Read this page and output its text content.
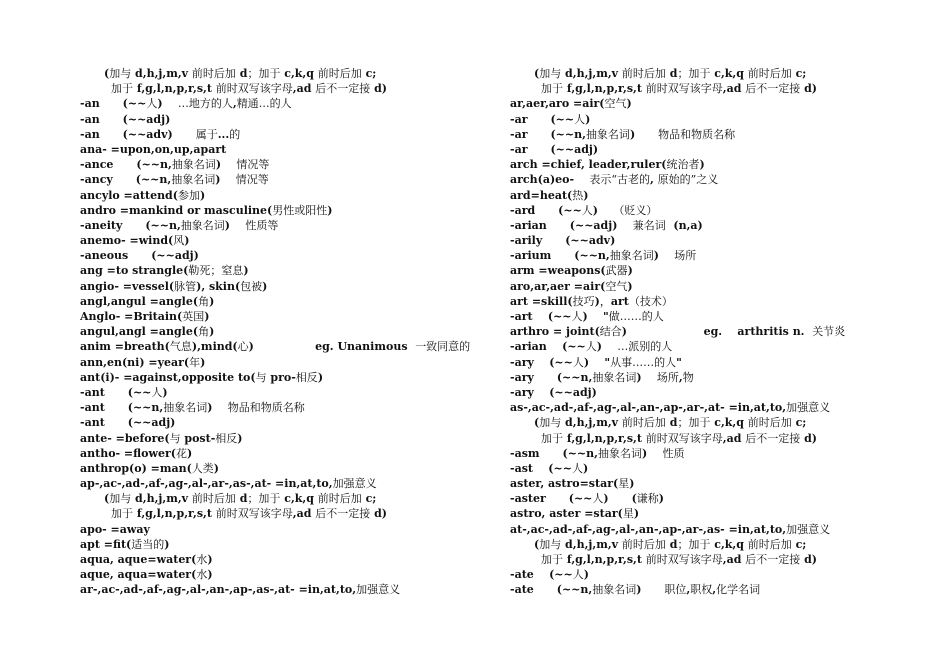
(加与 d,h,j,m,v 前时后加 d；加于 c,k,q 前时后加 c;
加于 f,g,l,n,p,r,s,t 前时双写该字母,ad 后不一定接 d)
-an      (~~人)    …地方的人,精通…的人
-an      (~~adj)
-an      (~~adv)      属于...的
ana- =upon,on,up,apart
-ance      (~~n,抽象名词)    情况等
-ancy      (~~n,抽象名词)    情况等
ancylo =attend(参加)
andro =mankind or masculine(男性或阳性)
-aneity      (~~n,抽象名词)    性质等
anemo- =wind(风)
-aneous      (~~adj)
ang =to strangle(勒死；窒息)
angio- =vessel(脉管), skin(包被)
angl,angul =angle(角)
Anglo- =Britain(英国)
angul,angl =angle(角)
anim =breath(气息),mind(心)                eg. Unanimous  一致同意的
ann,en(ni) =year(年)
ant(i)- =against,opposite to(与 pro-相反)
-ant      (~~人)
-ant      (~~n,抽象名词)    物品和物质名称
-ant      (~~adj)
ante- =before(与 post-相反)
antho- =flower(花)
anthrop(o) =man(人类)
ap-,ac-,ad-,af-,ag-,al-,ar-,as-,at- =in,at,to,加强意义
(加与 d,h,j,m,v 前时后加 d；加于 c,k,q 前时后加 c;
加于 f,g,l,n,p,r,s,t 前时双写该字母,ad 后不一定接 d)
apo- =away
apt =fit(适当的)
aqua, aque=water(水)
aque, aqua=water(水)
ar-,ac-,ad-,af-,ag-,al-,an-,ap-,as-,at- =in,at,to,加强意义
(加与 d,h,j,m,v 前时后加 d；加于 c,k,q 前时后加 c;
加于 f,g,l,n,p,r,s,t 前时双写该字母,ad 后不一定接 d)
ar,aer,aro =air(空气)
-ar      (~~人)
-ar      (~~n,抽象名词)      物品和物质名称
-ar      (~~adj)
arch =chief, leader,ruler(统治者)
arch(a)eo-    表示“古老的, 原始的”之义
ard=heat(热)
-ard      (~~人)    （贬义）
-arian      (~~adj)    兼名词  (n,a)
-arily      (~~adv)
-arium      (~~n,抽象名词)    场所
arm =weapons(武器)
aro,ar,aer =air(空气)
art =skill(技巧)，art（技术）
-art    (~~人)    "做……的人
arthro = joint(结合)                    eg.    arthritis n.  关节炎
-arian    (~~人)    …派别的人
-ary    (~~人)    "从事……的人"
-ary      (~~n,抽象名词)    场所,物
-ary    (~~adj)
as-,ac-,ad-,af-,ag-,al-,an-,ap-,ar-,at- =in,at,to,加强意义
(加与 d,h,j,m,v 前时后加 d；加于 c,k,q 前时后加 c;
加于 f,g,l,n,p,r,s,t 前时双写该字母,ad 后不一定接 d)
-asm      (~~n,抽象名词)    性质
-ast    (~~人)
aster, astro=star(星)
-aster      (~~人)      (谦称)
astro, aster =star(星)
at-,ac-,ad-,af-,ag-,al-,an-,ap-,ar-,as- =in,at,to,加强意义
(加与 d,h,j,m,v 前时后加 d；加于 c,k,q 前时后加 c;
加于 f,g,l,n,p,r,s,t 前时双写该字母,ad 后不一定接 d)
-ate    (~~人)
-ate      (~~n,抽象名词)      职位,职权,化学名词
